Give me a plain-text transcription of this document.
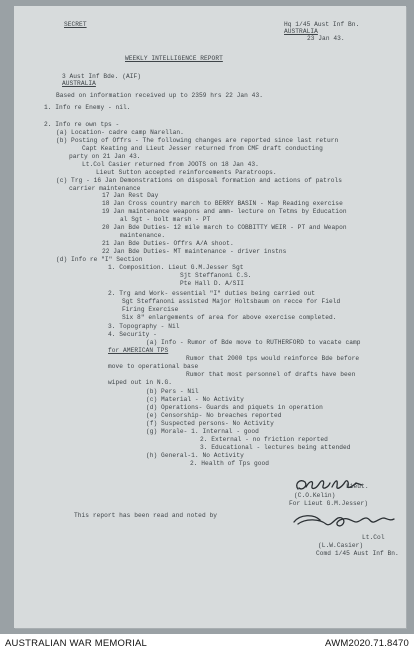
SECRET	Hq 1/45 Aust Inf Bn.
AUSTRALIA
23 Jan 43.
WEEKLY INTELLIGENCE REPORT
3 Aust Inf Bde. (AIF)
AUSTRALIA
Based on information received up to 2359 hrs 22 Jan 43.
1. Info re Enemy - nil.
2. Info re own tps -
(a) Location- cadre camp Narellan.
(b) Posting of Offrs - The following changes are reported since last return
Capt Keating and Lieut Jesser returned from CMF draft conducting
party on 21 Jan 43.
Lt.Col Casier returned from JOOTS on 18 Jan 43.
Lieut Sutton accepted reinforcements Paratroops.
(c) Trg - 16 Jan Demonstrations on disposal formation and actions of patrols
carrier maintenance
17 Jan Rest Day
18 Jan Cross country march to BERRY BASIN - Map Reading exercise
19 Jan maintenance weapons and amm- lecture on Tetms by Education
al Sgt - bolt marsh - PT
20 Jan Bde Duties- 12 mile march to COBBITTY WEIR - PT and Weapon
maintenance.
21 Jan Bde Duties- Offrs A/A shoot.
22 Jan Bde Duties- MT maintenance - driver instns
(d) Info re "I" Section
1. Composition. Lieut G.M.Jesser Sgt
Sjt Steffanoni C.S.
Pte Hall D. A/SII
2. Trg and Work- essential "I" duties being carried out
Sgt Steffanoni assisted Major Holtsbaum on recce for Field
Firing Exercise
Six 8" enlargements of area for above exercise completed.
3. Topography - Nil
4. Security -
(a) Info - Rumor of Bde move to RUTHERFORD to vacate camp
for AMERICAN TPS
Rumor that 2000 tps would reinforce Bde before
move to operational base
Rumor that most personnel of drafts have been
wiped out in N.G.
(b) Pers - Nil
(c) Material - No Activity
(d) Operations- Guards and piquets in operation
(e) Censorship- No breaches reported
(f) Suspected persons- No Activity
(g) Morale- 1. Internal - good
2. External - no friction reported
3. Educational - lectures being attended
(h) General-1. No Activity
2. Health of Tps good
Lieut.
(C.O.Kelin)
For Lieut G.M.Jesser)
This report has been read and noted by
Lt.Col
(L.W.Casier)
Comd 1/45 Aust Inf Bn.
AUSTRALIAN WAR MEMORIAL	AWM2020.71.8470
